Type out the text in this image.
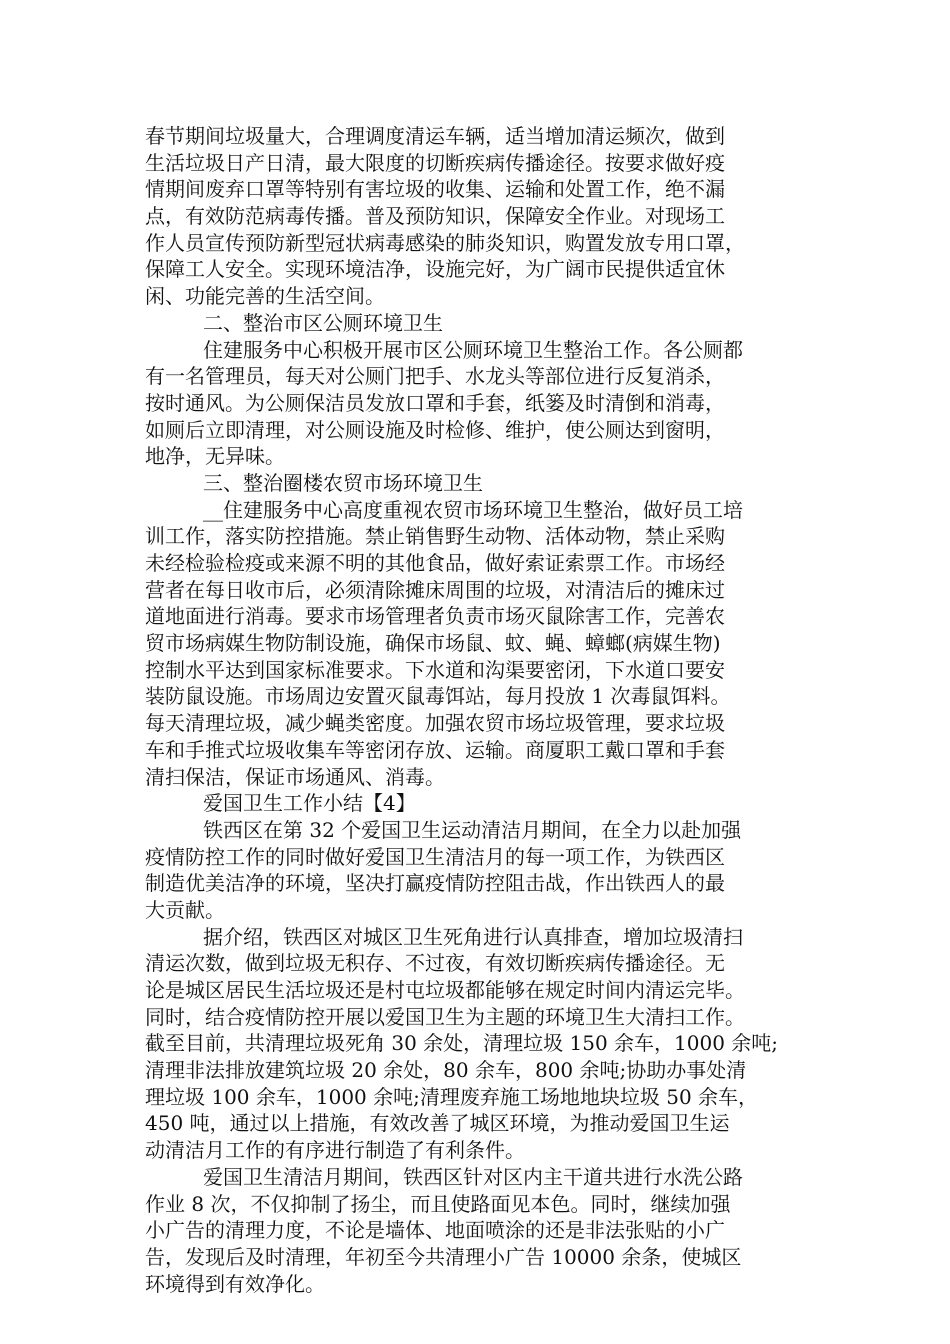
春节期间垃圾量大，合理调度清运车辆，适当增加清运频次，做到
生活垃圾日产日清，最大限度的切断疾病传播途径。按要求做好疫
情期间废弃口罩等特别有害垃圾的收集、运输和处置工作，绝不漏
点，有效防范病毒传播。普及预防知识，保障安全作业。对现场工
作人员宣传预防新型冠状病毒感染的肺炎知识，购置发放专用口罩，
保障工人安全。实现环境洁净，设施完好，为广阔市民提供适宜休
闲、功能完善的生活空间。
二、整治市区公厕环境卫生
住建服务中心积极开展市区公厕环境卫生整治工作。各公厕都
有一名管理员，每天对公厕门把手、水龙头等部位进行反复消杀，
按时通风。为公厕保洁员发放口罩和手套，纸篓及时清倒和消毒，
如厕后立即清理，对公厕设施及时检修、维护，使公厕达到窗明，
地净，无异味。
三、整治圈楼农贸市场环境卫生
__住建服务中心高度重视农贸市场环境卫生整治，做好员工培
训工作，落实防控措施。禁止销售野生动物、活体动物，禁止采购
未经检验检疫或来源不明的其他食品，做好索证索票工作。市场经
营者在每日收市后，必须清除摊床周围的垃圾，对清洁后的摊床过
道地面进行消毒。要求市场管理者负责市场灭鼠除害工作，完善农
贸市场病媒生物防制设施，确保市场鼠、蚊、蝇、蟑螂(病媒生物)
控制水平达到国家标准要求。下水道和沟渠要密闭，下水道口要安
装防鼠设施。市场周边安置灭鼠毒饵站，每月投放 1 次毒鼠饵料。
每天清理垃圾，减少蝇类密度。加强农贸市场垃圾管理，要求垃圾
车和手推式垃圾收集车等密闭存放、运输。商厦职工戴口罩和手套
清扫保洁，保证市场通风、消毒。
爱国卫生工作小结【4】
铁西区在第 32 个爱国卫生运动清洁月期间，在全力以赴加强
疫情防控工作的同时做好爱国卫生清洁月的每一项工作，为铁西区
制造优美洁净的环境，坚决打赢疫情防控阻击战，作出铁西人的最
大贡献。
据介绍，铁西区对城区卫生死角进行认真排查，增加垃圾清扫
清运次数，做到垃圾无积存、不过夜，有效切断疾病传播途径。无
论是城区居民生活垃圾还是村屯垃圾都能够在规定时间内清运完毕。
同时，结合疫情防控开展以爱国卫生为主题的环境卫生大清扫工作。
截至目前，共清理垃圾死角 30 余处，清理垃圾 150 余车，1000 余吨;
清理非法排放建筑垃圾 20 余处，80 余车，800 余吨;协助办事处清
理垃圾 100 余车，1000 余吨;清理废弃施工场地地块垃圾 50 余车，
450 吨，通过以上措施，有效改善了城区环境，为推动爱国卫生运
动清洁月工作的有序进行制造了有利条件。
爱国卫生清洁月期间，铁西区针对区内主干道共进行水洗公路
作业 8 次，不仅抑制了扬尘，而且使路面见本色。同时，继续加强
小广告的清理力度，不论是墙体、地面喷涂的还是非法张贴的小广
告，发现后及时清理，年初至今共清理小广告 10000 余条，使城区
环境得到有效净化。
